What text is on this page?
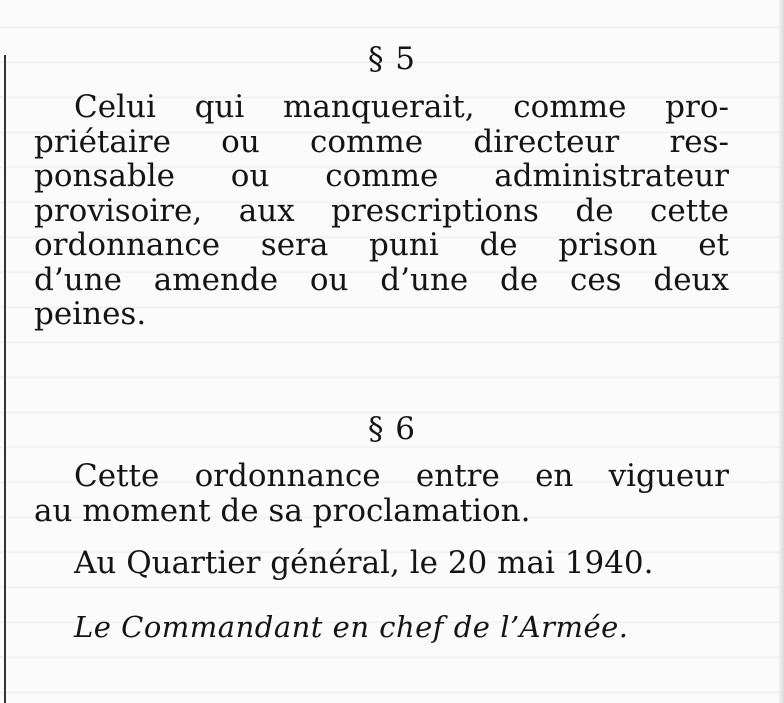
§ 5
Celui qui manquerait, comme pro-
priétaire ou comme directeur res-
ponsable ou comme administrateur
provisoire, aux prescriptions de cette
ordonnance sera puni de prison et
d’une amende ou d’une de ces deux
peines.
§ 6
Cette ordonnance entre en vigueur
au moment de sa proclamation.
Au Quartier général, le 20 mai 1940.
Le Commandant en chef de l’Armée.
